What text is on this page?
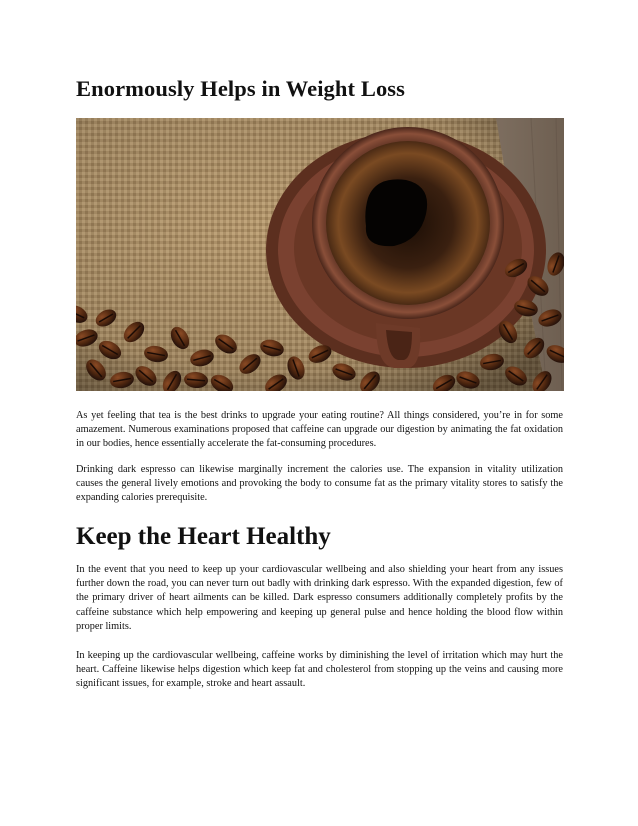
Enormously Helps in Weight Loss

As yet feeling that tea is the best drinks to upgrade your eating routine? All things considered, you’re in for some amazement. Numerous examinations proposed that caffeine can upgrade our digestion by animating the fat oxidation in our bodies, hence essentially accelerate the fat-consuming procedures.

Drinking dark espresso can likewise marginally increment the calories use. The expansion in vitality utilization causes the general lively emotions and provoking the body to consume fat as the primary vitality stores to satisfy the expanding calories prerequisite.

Keep the Heart Healthy

In the event that you need to keep up your cardiovascular wellbeing and also shielding your heart from any issues further down the road, you can never turn out badly with drinking dark espresso. With the expanded digestion, few of the primary driver of heart ailments can be killed. Dark espresso consumers additionally completely profits by the caffeine substance which help empowering and keeping up general pulse and hence holding the blood flow within proper limits.

In keeping up the cardiovascular wellbeing, caffeine works by diminishing the level of irritation which may hurt the heart. Caffeine likewise helps digestion which keep fat and cholesterol from stopping up the veins and causing more significant issues, for example, stroke and heart assault.
